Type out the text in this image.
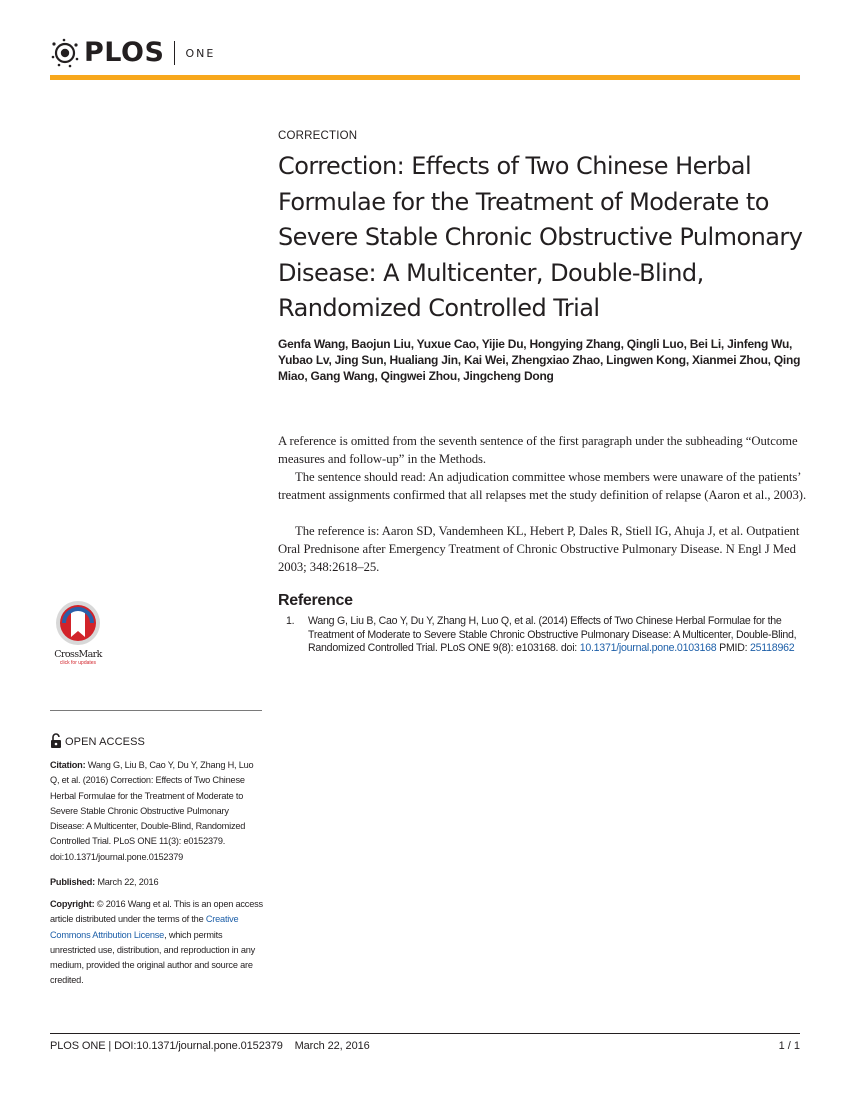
PLOS ONE
CORRECTION
Correction: Effects of Two Chinese Herbal Formulae for the Treatment of Moderate to Severe Stable Chronic Obstructive Pulmonary Disease: A Multicenter, Double-Blind, Randomized Controlled Trial

Genfa Wang, Baojun Liu, Yuxue Cao, Yijie Du, Hongying Zhang, Qingli Luo, Bei Li, Jinfeng Wu, Yubao Lv, Jing Sun, Hualiang Jin, Kai Wei, Zhengxiao Zhao, Lingwen Kong, Xianmei Zhou, Qing Miao, Gang Wang, Qingwei Zhou, Jingcheng Dong

A reference is omitted from the seventh sentence of the first paragraph under the subheading “Outcome measures and follow-up” in the Methods.

The sentence should read: An adjudication committee whose members were unaware of the patients’ treatment assignments confirmed that all relapses met the study definition of relapse (Aaron et al., 2003).

The reference is: Aaron SD, Vandemheen KL, Hebert P, Dales R, Stiell IG, Ahuja J, et al. Outpatient Oral Prednisone after Emergency Treatment of Chronic Obstructive Pulmonary Disease. N Engl J Med 2003; 348:2618–25.

Reference
1. Wang G, Liu B, Cao Y, Du Y, Zhang H, Luo Q, et al. (2014) Effects of Two Chinese Herbal Formulae for the Treatment of Moderate to Severe Stable Chronic Obstructive Pulmonary Disease: A Multicenter, Double-Blind, Randomized Controlled Trial. PLoS ONE 9(8): e103168. doi: 10.1371/journal.pone.0103168 PMID: 25118962
CrossMark
click for updates
OPEN ACCESS

Citation: Wang G, Liu B, Cao Y, Du Y, Zhang H, Luo Q, et al. (2016) Correction: Effects of Two Chinese Herbal Formulae for the Treatment of Moderate to Severe Stable Chronic Obstructive Pulmonary Disease: A Multicenter, Double-Blind, Randomized Controlled Trial. PLoS ONE 11(3): e0152379. doi:10.1371/journal.pone.0152379

Published: March 22, 2016

Copyright: © 2016 Wang et al. This is an open access article distributed under the terms of the Creative Commons Attribution License, which permits unrestricted use, distribution, and reproduction in any medium, provided the original author and source are credited.

PLOS ONE | DOI:10.1371/journal.pone.0152379    March 22, 2016	1 / 1
